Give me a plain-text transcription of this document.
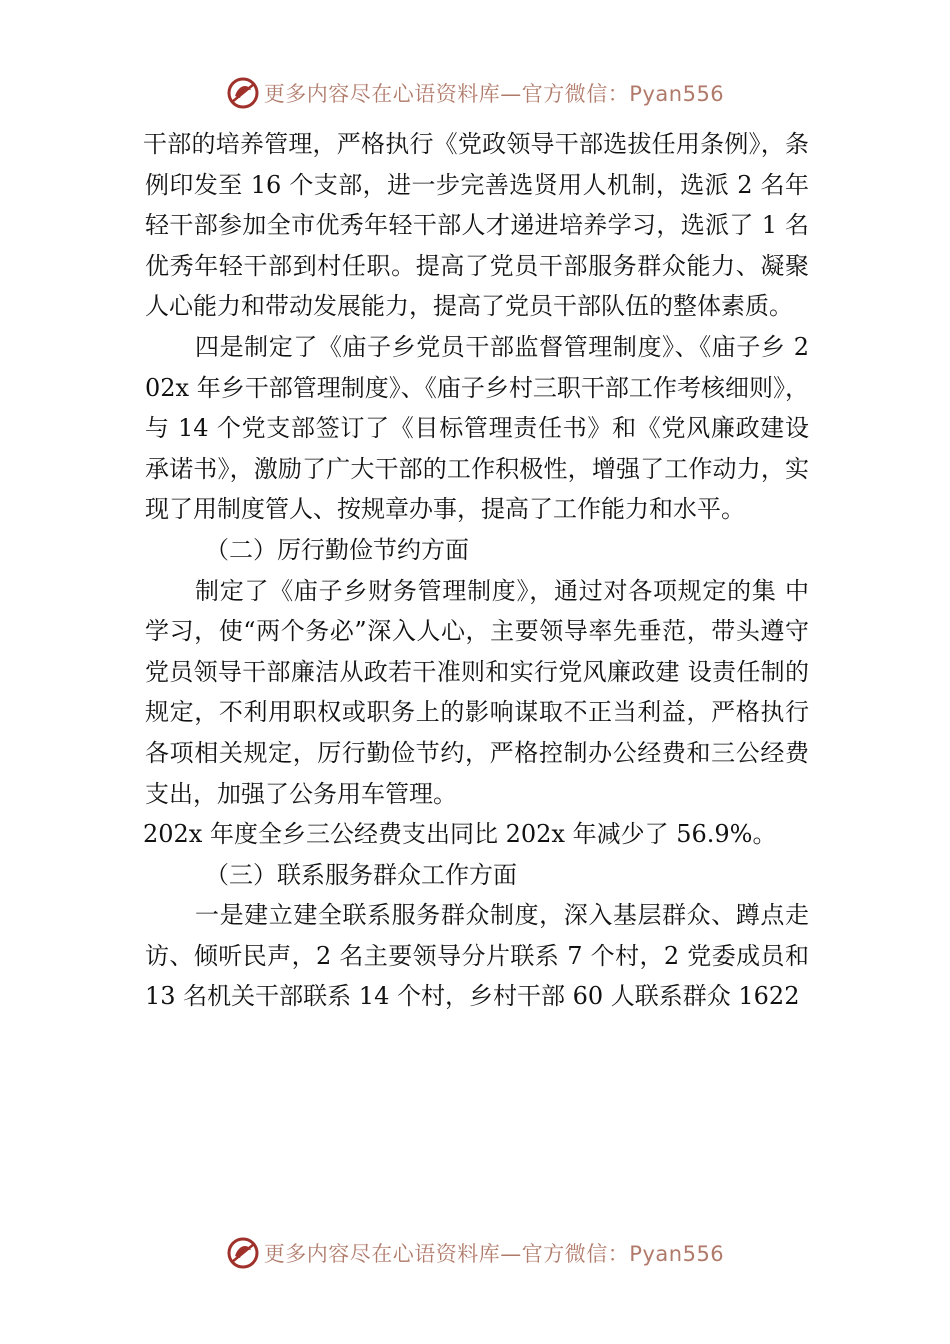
更多内容尽在心语资料库—官方微信：Pyan556

干部的培养管理，严格执行《党政领导干部选拔任用条例》，条例印发至 16 个支部，进一步完善选贤用人机制，选派 2 名年轻干部参加全市优秀年轻干部人才递进培养学习，选派了 1 名优秀年轻干部到村任职。提高了党员干部服务群众能力、凝聚人心能力和带动发展能力，提高了党员干部队伍的整体素质。

四是制定了《庙子乡党员干部监督管理制度》、《庙子乡 202x 年乡干部管理制度》、《庙子乡村三职干部工作考核细则》，与 14 个党支部签订了《目标管理责任书》和《党风廉政建设承诺书》，激励了广大干部的工作积极性，增强了工作动力，实现了用制度管人、按规章办事，提高了工作能力和水平。

（二）厉行勤俭节约方面

制定了《庙子乡财务管理制度》，通过对各项规定的集 中学习，使“两个务必”深入人心，主要领导率先垂范，带头遵守党员领导干部廉洁从政若干准则和实行党风廉政建 设责任制的规定，不利用职权或职务上的影响谋取不正当利益，严格执行各项相关规定，厉行勤俭节约，严格控制办公经费和三公经费支出，加强了公务用车管理。

202x 年度全乡三公经费支出同比 202x 年减少了 56.9%。

（三）联系服务群众工作方面

一是建立建全联系服务群众制度，深入基层群众、蹲点走访、倾听民声，2 名主要领导分片联系 7 个村，2 党委成员和 13 名机关干部联系 14 个村，乡村干部 60 人联系群众 1622

更多内容尽在心语资料库—官方微信：Pyan556
